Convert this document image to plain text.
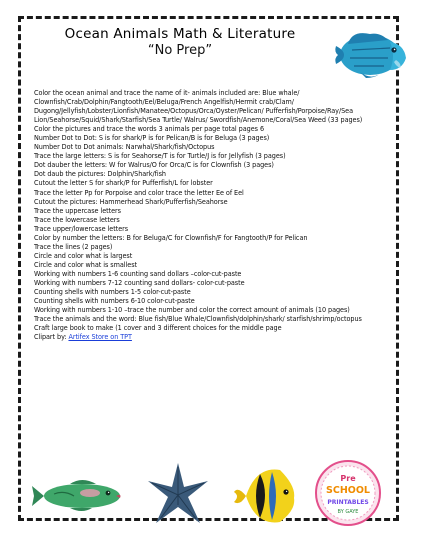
Ocean Animals Math & Literature

“No Prep”

Color the ocean animal and trace the name of it- animals included are: Blue whale/ Clownfish/Crab/Dolphin/Fangtooth/Eel/Beluga/French Angelfish/Hermit crab/Clam/ Dugong/Jellyfish/Lobster/Lionfish/Manatee/Octopus/Orca/Oyster/Pelican/ Pufferfish/Porpoise/Ray/Sea Lion/Seahorse/Squid/Shark/Starfish/Sea Turtle/ Walrus/ Swordfish/Anemone/Coral/Sea Weed (33 pages)

Color the pictures and trace the words 3 animals per page total pages 6

Number Dot to Dot: S is for shark/P is for Pelican/B is for Beluga (3 pages)

Number Dot to Dot animals: Narwhal/Shark/fish/Octopus

Trace the large letters: S is for Seahorse/T is for Turtle/J is for Jellyfish (3 pages)

Dot dauber the letters: W for Walrus/O for Orca/C is for Clownfish (3 pages)

Dot daub the pictures: Dolphin/Shark/fish

Cutout the letter S for shark/P for Pufferfish/L for lobster

Trace the letter Pp for Porpoise and color trace the letter Ee of Eel

Cutout the pictures: Hammerhead Shark/Pufferfish/Seahorse

Trace the uppercase letters

Trace the lowercase letters

Trace upper/lowercase letters

Color by number the letters: B for Beluga/C for Clownfish/F for Fangtooth/P for Pelican

Trace the lines (2 pages)

Circle and color what is largest

Circle and color what is smallest

Working with numbers 1-6 counting sand dollars –color-cut-paste

Working with numbers 7-12 counting sand dollars- color-cut-paste

Counting shells with numbers 1-5 color-cut-paste

Counting shells with numbers 6-10 color-cut-paste

Working with numbers 1-10 –trace the number and color the correct amount of animals (10 pages)

Trace the animals and the word: Blue fish/Blue Whale/Clownfish/dolphin/shark/ starfish/shrimp/octopus

Craft large book to make (1 cover and 3 different choices for the middle page

Clipart by: Artifex Store on TPT

Pre
SCHOOL
PRINTABLES
BY GAYE
